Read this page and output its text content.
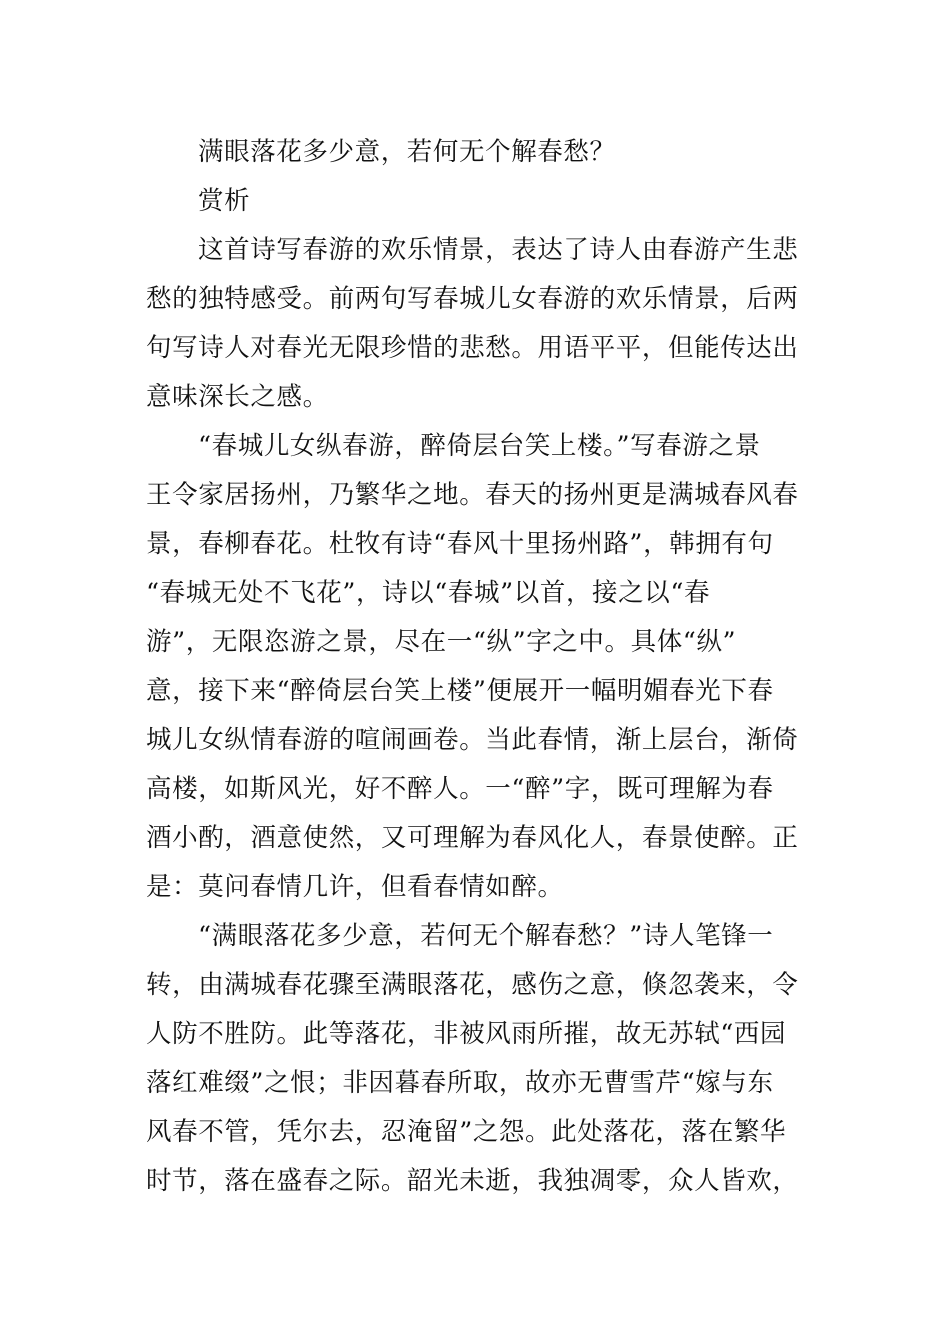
满眼落花多少意，若何无个解春愁？
赏析
这首诗写春游的欢乐情景，表达了诗人由春游产生悲
愁的独特感受。前两句写春城儿女春游的欢乐情景，后两
句写诗人对春光无限珍惜的悲愁。用语平平，但能传达出
意味深长之感。
“春城儿女纵春游，醉倚层台笑上楼。”写春游之景
王令家居扬州，乃繁华之地。春天的扬州更是满城春风春
景，春柳春花。杜牧有诗“春风十里扬州路”，韩拥有句
“春城无处不飞花”，诗以“春城”以首，接之以“春
游”，无限恣游之景，尽在一“纵”字之中。具体“纵”
意，接下来“醉倚层台笑上楼”便展开一幅明媚春光下春
城儿女纵情春游的喧闹画卷。当此春情，渐上层台，渐倚
高楼，如斯风光，好不醉人。一“醉”字，既可理解为春
酒小酌，酒意使然，又可理解为春风化人，春景使醉。正
是：莫问春情几许，但看春情如醉。
“满眼落花多少意，若何无个解春愁？”诗人笔锋一
转，由满城春花骤至满眼落花，感伤之意，倏忽袭来，令
人防不胜防。此等落花，非被风雨所摧，故无苏轼“西园
落红难缀”之恨；非因暮春所取，故亦无曹雪芹“嫁与东
风春不管，凭尔去，忍淹留”之怨。此处落花，落在繁华
时节，落在盛春之际。韶光未逝，我独凋零，众人皆欢，
